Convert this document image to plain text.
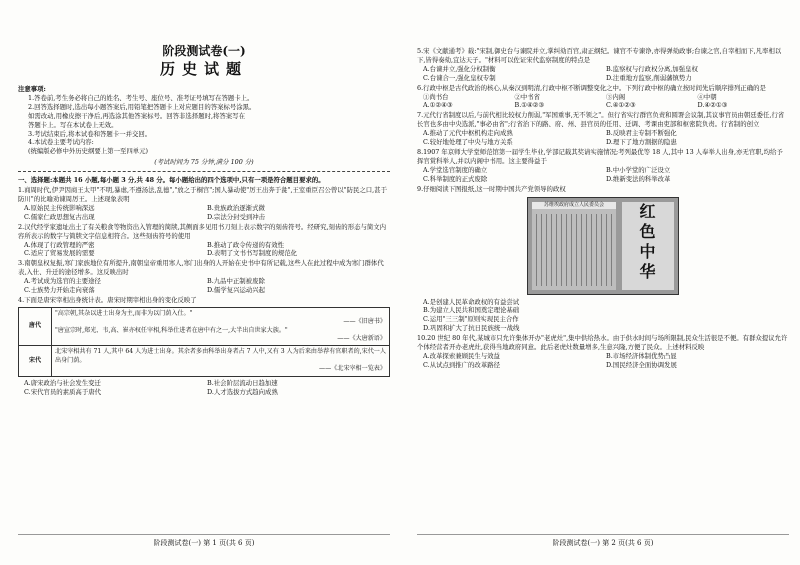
阶段测试卷(一)
历史试题
注意事项:
1.答卷前,考生务必将自己的姓名、考生号、座位号、准考证号填写在答题卡上。
2.回答选择题时,选出每小题答案后,用铅笔把答题卡上对应题目的答案标号涂黑。
如需改动,用橡皮擦干净后,再选涂其他答案标号。回答非选择题时,将答案写在
答题卡上。写在本试卷上无效。
3.考试结束后,将本试卷和答题卡一并交回。
4.本试卷主要考试内容:
(统编版必修中外历史纲要上第一至四单元)
(考试时间为 75 分钟,满分 100 分)
一、选择题:本题共 16 小题,每小题 3 分,共 48 分。每小题给出的四个选项中,只有一项是符合题目要求的。
1.商周时代,伊尹因商王太甲"不明,暴虐,不遵汤法,乱德","放之于桐宫";国人暴动使"厉王出奔于彘",王室重臣召公曾以"防民之口,甚于防川"的比喻劝谏周厉王。上述现象表明
A.原始民主传统影响深远	B.贵族政治逐渐式微
C.儒家仁政思想复古出现	D.宗法分封受到冲击
2.汉代经学家遗址出土了有关粮食等物资出入管理的简牍,其侧面多见用书刀刻上表示数字的刻齿符号。经研究,刻齿的形态与简文内容所表示的数字与简牍文字信息相符合。这些刻齿符号的使用
A.体现了行政管理的严密	B.推动了政令传递的有效性
C.适应了贸易发展的需要	D.表明了文书书写制度的规范化
3.南朝皇权复振,寒门家族地位有所提升,南朝皇帝重用寒人,寒门出身的人开始在史书中有所记载,这些人在此过程中成为寒门群体代表,入仕、升迁的途径增多。这反映出时
A.考试成为选官的主要途径	B.九品中正制被废除
C.士族势力开始走向衰落	D.儒学复兴运动兴起
4.下面是唐宋宰相出身统计表。唐宋时期宰相出身的变化反映了
唐代	"高宗朝,其杂以进士出身为主,而非为以门荫入仕。"
——《旧唐书》
"唐宣宗时,郑光、韦,高、崔亦权任宰相,科举仕进者在唐中有之一,大半出自世家大族。"
——《大唐新语》

宋代	北宋宰相共有 71 人,其中 64 人为进士出身。其余者多由科举出身者占 7 人中,又有 3 人为后来由举荐有官职者的,宋代一人出身门荫。
——《北宋宰相一览表》
A.唐宋政治与社会发生变迁	B.社会阶层流动日趋加速
C.宋代官员的素质高于唐代	D.人才选拔方式趋向成熟
阶段测试卷(一) 第 1 页(共 6 页)
5.宋《文献通考》载:"宋制,御史台与谏院并立,掌纠劾百官,肃正纲纪。谏官不专谏诤,亦得弹劾政事;台谏之官,自宰相而下,凡率相以下,皆得奏劾,宜达天子。"材料可以佐证宋代监察制度的特点是
A.台谏并立,强化分权制衡	B.监察权与行政权分离,加强皇权
C.台谏合一,强化皇权专制	D.注重地方监察,削弱藩镇势力
6.行政中枢是古代政治的核心,从秦汉到明清,行政中枢不断调整变化之中。下列行政中枢的确立按时间先后顺序排列正确的是
①尚书台	②中书省	③内阁	④中朝
A.①②④③	B.①④②③	C.④①②③	D.④②①③
7.元代行省制度以后,与前代相比较权力削弱,"军国重事,无不领之"。但行省实行群官负责和圆署会议制,其议事官员由朝廷委任,行省长官也多由中央选派,"事必由省";行省治下的路、府、州、县官员的任用、迁调、考课由吏部和枢密院负责。行省制的创立
A.推动了元代中枢机构走向成熟	B.反映君主专制不断强化
C.较好地处理了中央与地方关系	D.理下了地方割据的隐患
8.1907 年京师大学堂师范馆第一届学生毕业,学部记载其奖请实施情况;考列最优等 18 人,其中 13 人奉举人出身,亦无官职,均给予挥官赏科举人,并以内阁中书用。这主要得益于
A.学堂选官制度的确立	B.中小学堂的广泛设立
C.科举制度的正式废除	D.维新变法的科举改革
9.仔细阅读下图报纸,这一时期中国共产党领导的政权
苏维埃政府成立人民委员会	红
色
中
华
A.是创建人民革命政权的有益尝试
B.为建立人民共和国奠定理论基础
C.运用"三三制"原则实现民主合作
D.巩固和扩大了抗日民族统一战线
10.20 世纪 80 年代,某城市只允许集体开办"老虎灶",集中供给热水。由于供水时间与场所限制,民众生活很是不便。有群众提议允许个体经营者开办老虎灶,获得当地政府同意。此后老虎灶数量增多,生意兴隆,方便了民众。上述材料反映
A.改革探索兼顾民生与效益	B.市场经济体制优势凸显
C.从试点到推广的改革路径	D.国民经济全面协调发展
阶段测试卷(一) 第 2 页(共 6 页)
